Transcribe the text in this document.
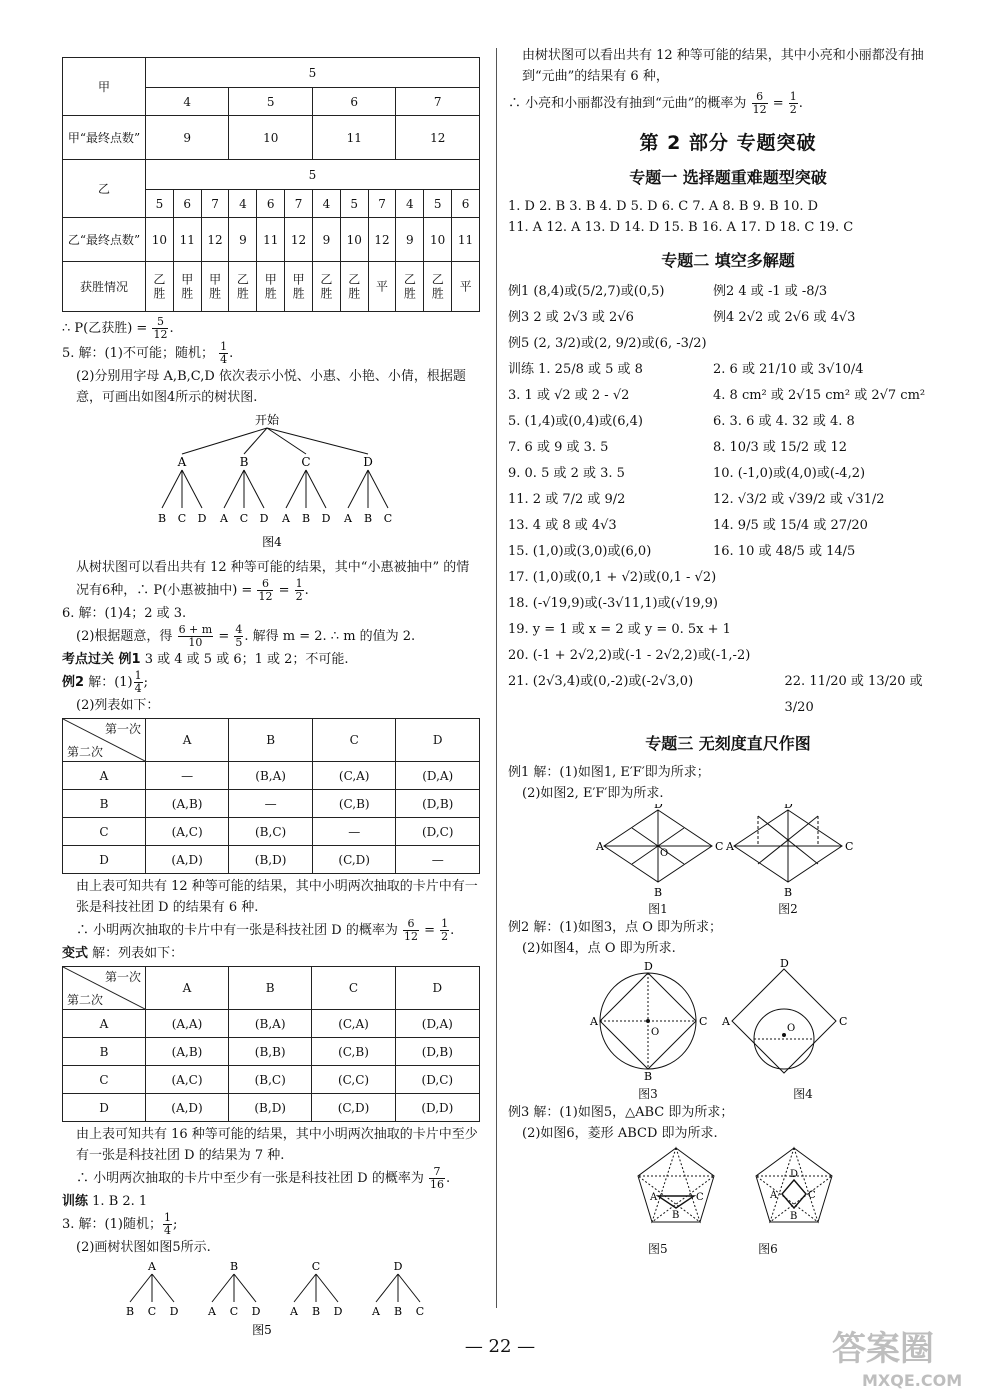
甲	5											
	4			5			6			7		
甲“最终点数”	9			10			11			12		
乙	5											
	5	6	7	4	6	7	4	5	7	4	5	6
乙“最终点数”	10	11	12	9	11	12	9	10	12	9	10	11
获胜情况	乙胜	甲胜	甲胜	乙胜	甲胜	甲胜	乙胜	乙胜	平	乙胜	乙胜	平

∴ P(乙获胜) = $\frac{5}{12}$ .

5. 解：(1)不可能；随机； $\frac{1}{4}$ .

(2)分别用字母 A,B,C,D 依次表示小悦、小惠、小艳、小倩，根据题意，可画出如图4所示的树状图.

开始
A
B C D
B
A C D
C
A B D
D
A B C
图4

从树状图可以看出共有 12 种等可能的结果，其中“小惠被抽中” 的情况有6种，∴ P(小惠被抽中) = $\frac{6}{12} = \frac{1}{2}$ .

6. 解：(1)4；2 或 3.

(2)根据题意，得 $\frac{6 + m}{10} = \frac{4}{5}$ . 解得 m = 2. ∴ m 的值为 2.

考点过关 例1 3 或 4 或 5 或 6；1 或 2；不可能.

例2 解：$(1) \frac{1}{4}$ ;

(2)列表如下：

第一次
第二次	A	B	C	D
A	—	(B,A)	(C,A)	(D,A)
B	(A,B)	—	(C,B)	(D,B)
C	(A,C)	(B,C)	—	(D,C)
D	(A,D)	(B,D)	(C,D)	—

由上表可知共有 12 种等可能的结果，其中小明两次抽取的卡片中有一张是科技社团 D 的结果有 6 种.

∴ 小明两次抽取的卡片中有一张是科技社团 D 的概率为 $\frac{6}{12} = \frac{1}{2}$ .

变式 解：列表如下：

第一次
第二次	A	B	C	D
A	(A,A)	(B,A)	(C,A)	(D,A)
B	(A,B)	(B,B)	(C,B)	(D,B)
C	(A,C)	(B,C)	(C,C)	(D,C)
D	(A,D)	(B,D)	(C,D)	(D,D)

由上表可知共有 16 种等可能的结果，其中小明两次抽取的卡片中至少有一张是科技社团 D 的结果为 7 种.

∴ 小明两次抽取的卡片中至少有一张是科技社团 D 的概率为 $\frac{7}{16}$ .

训练 1. B 2. 1

3. 解：(1)随机； $\frac{1}{4}$ ;

(2)画树状图如图5所示.

A
B C D
B
A C D
C
A B D
D
A B C
图5

由树状图可以看出共有 12 种等可能的结果，其中小亮和小丽都没有抽到“元曲”的结果有 6 种，

∴ 小亮和小丽都没有抽到“元曲”的概率为 $\frac{6}{12} = \frac{1}{2}$ .

第 2 部分 专题突破
专题一 选择题重难题型突破

1. D 2. B 3. B 4. D 5. D 6. C 7. A 8. B 9. B 10. D

11. A 12. A 13. D 14. D 15. B 16. A 17. D 18. C 19. C

专题二 填空多解题
例1 (8,4)或(5/2,7)或(0,5)	例2 4 或 -1 或 -8/3
例3 2 或 2√3 或 2√6	例4 2√2 或 2√6 或 4√3
例5 (2, 3/2)或(2, 9/2)或(6, -3/2)
训练 1. 25/8 或 5 或 8	2. 6 或 21/10 或 3√10/4
3. 1 或 √2 或 2 - √2	4. 8 cm² 或 2√15 cm² 或 2√7 cm²
5. (1,4)或(0,4)或(6,4)	6. 3. 6 或 4. 32 或 4. 8
7. 6 或 9 或 3. 5	8. 10/3 或 15/2 或 12
9. 0. 5 或 2 或 3. 5	10. (-1,0)或(4,0)或(-4,2)
11. 2 或 7/2 或 9/2	12. √3/2 或 √39/2 或 √31/2
13. 4 或 8 或 4√3	14. 9/5 或 15/4 或 27/20
15. (1,0)或(3,0)或(6,0)	16. 10 或 48/5 或 14/5
17. (1,0)或(0,1 + √2)或(0,1 - √2)
18. (-√19,9)或(-3√11,1)或(√19,9)
19. y = 1 或 x = 2 或 y = 0. 5x + 1
20. (-1 + 2√2,2)或(-1 - 2√2,2)或(-1,-2)
21. (2√3,4)或(0,-2)或(-2√3,0)	22. 11/20 或 13/20 或 3/20
专题三 无刻度直尺作图

例1 解：(1)如图1, E′F′即为所求；

(2)如图2, E′F′即为所求.

A	C
D
B
O
A	C
D
B
图1	图2

例2 解：(1)如图3，点 O 即为所求；

(2)如图4，点 O 即为所求.

A	C
D
B
O
A	C
D
O
图3	图4

例3 解：(1)如图5，△ABC 即为所求；

(2)如图6，菱形 ABCD 即为所求.

A	C
B
A	C
D
B
图5	图6
— 22 —	答案圈
MXQE.COM
